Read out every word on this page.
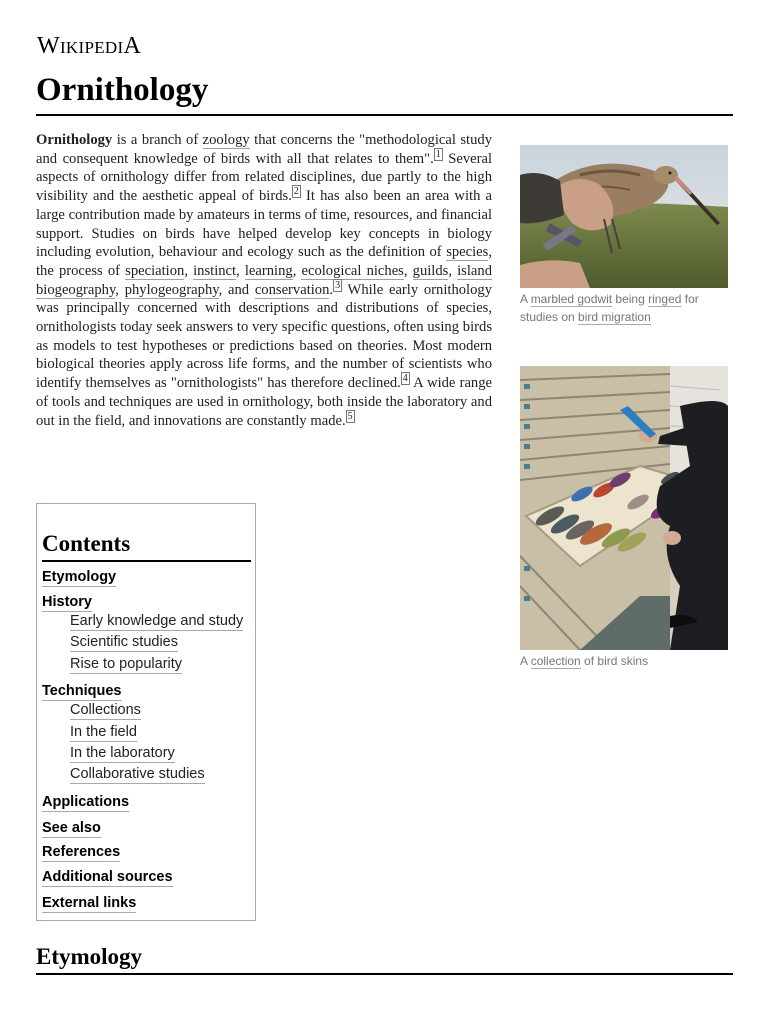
WIKIPEDIA
Ornithology
Ornithology is a branch of zoology that concerns the "methodological study and consequent knowledge of birds with all that relates to them". $^1$ Several aspects of ornithology differ from related disciplines, due partly to the high visibility and the aesthetic appeal of birds. $^2$ It has also been an area with a large contribution made by amateurs in terms of time, resources, and financial support. Studies on birds have helped develop key concepts in biology including evolution, behaviour and ecology such as the definition of species, the process of speciation, instinct, learning, ecological niches, guilds, island biogeography, phylogeography, and conservation. $^3$ While early ornithology was principally concerned with descriptions and distributions of species, ornithologists today seek answers to very specific questions, often using birds as models to test hypotheses or predictions based on theories. Most modern biological theories apply across life forms, and the number of scientists who identify themselves as "ornithologists" has therefore declined. $^4$ A wide range of tools and techniques are used in ornithology, both inside the laboratory and out in the field, and innovations are constantly made. $^5$
A marbled godwit being ringed for studies on bird migration
A collection of bird skins
Contents
Etymology
History
Early knowledge and study
Scientific studies
Rise to popularity
Techniques
Collections
In the field
In the laboratory
Collaborative studies
Applications
See also
References
Additional sources
External links
Etymology
